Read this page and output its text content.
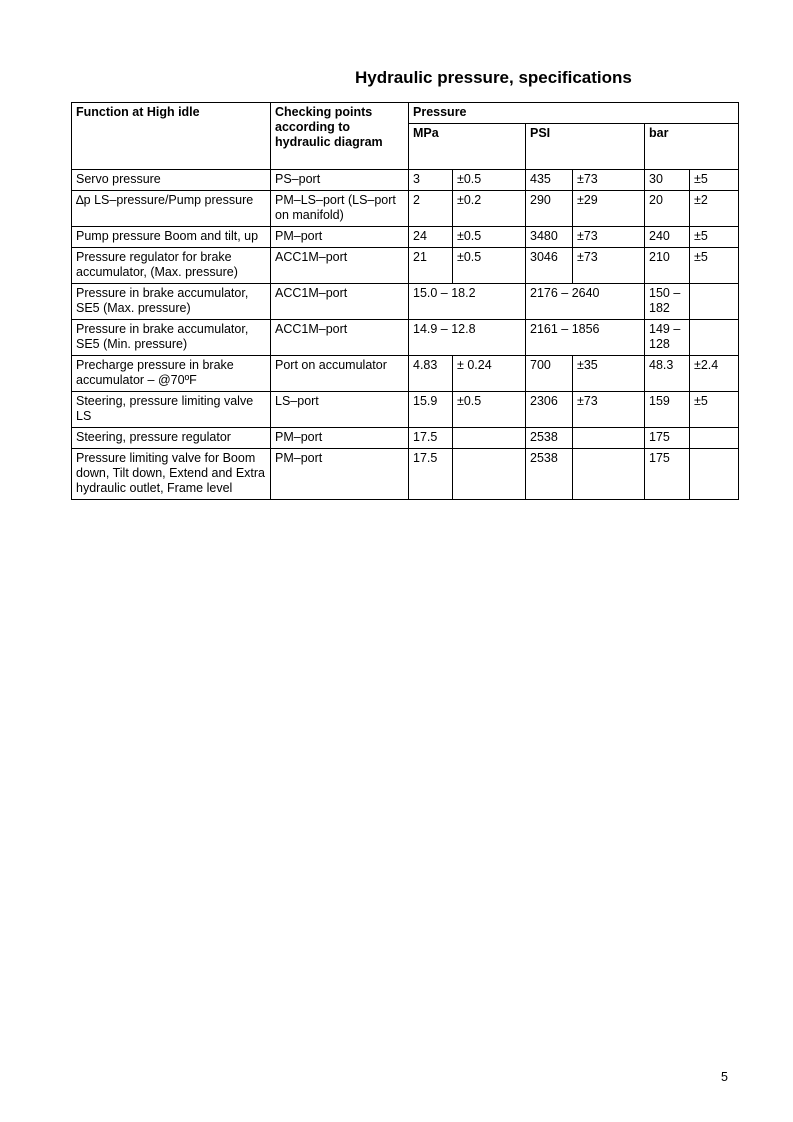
Hydraulic pressure, specifications
Function at High idle	Checking points according to hydraulic diagram	Pressure					
		MPa		PSI		bar	
Servo pressure	PS–port	3	±0.5	435	±73	30	±5
∆p LS–pressure/Pump pressure	PM–LS–port (LS–port on manifold)	2	±0.2	290	±29	20	±2
Pump pressure Boom and tilt, up	PM–port	24	±0.5	3480	±73	240	±5
Pressure regulator for brake accumulator, (Max. pressure)	ACC1M–port	21	±0.5	3046	±73	210	±5
Pressure in brake accumulator, SE5 (Max. pressure)	ACC1M–port	15.0 – 18.2		2176 – 2640		150 – 182	
Pressure in brake accumulator, SE5 (Min. pressure)	ACC1M–port	14.9 – 12.8		2161 – 1856		149 – 128	
Precharge pressure in brake accumulator – @70ºF	Port on accumulator	4.83	± 0.24	700	±35	48.3	±2.4
Steering, pressure limiting valve LS	LS–port	15.9	±0.5	2306	±73	159	±5
Steering, pressure regulator	PM–port	17.5		2538		175	
Pressure limiting valve for Boom down, Tilt down, Extend and Extra hydraulic outlet, Frame level	PM–port	17.5		2538		175	
5
